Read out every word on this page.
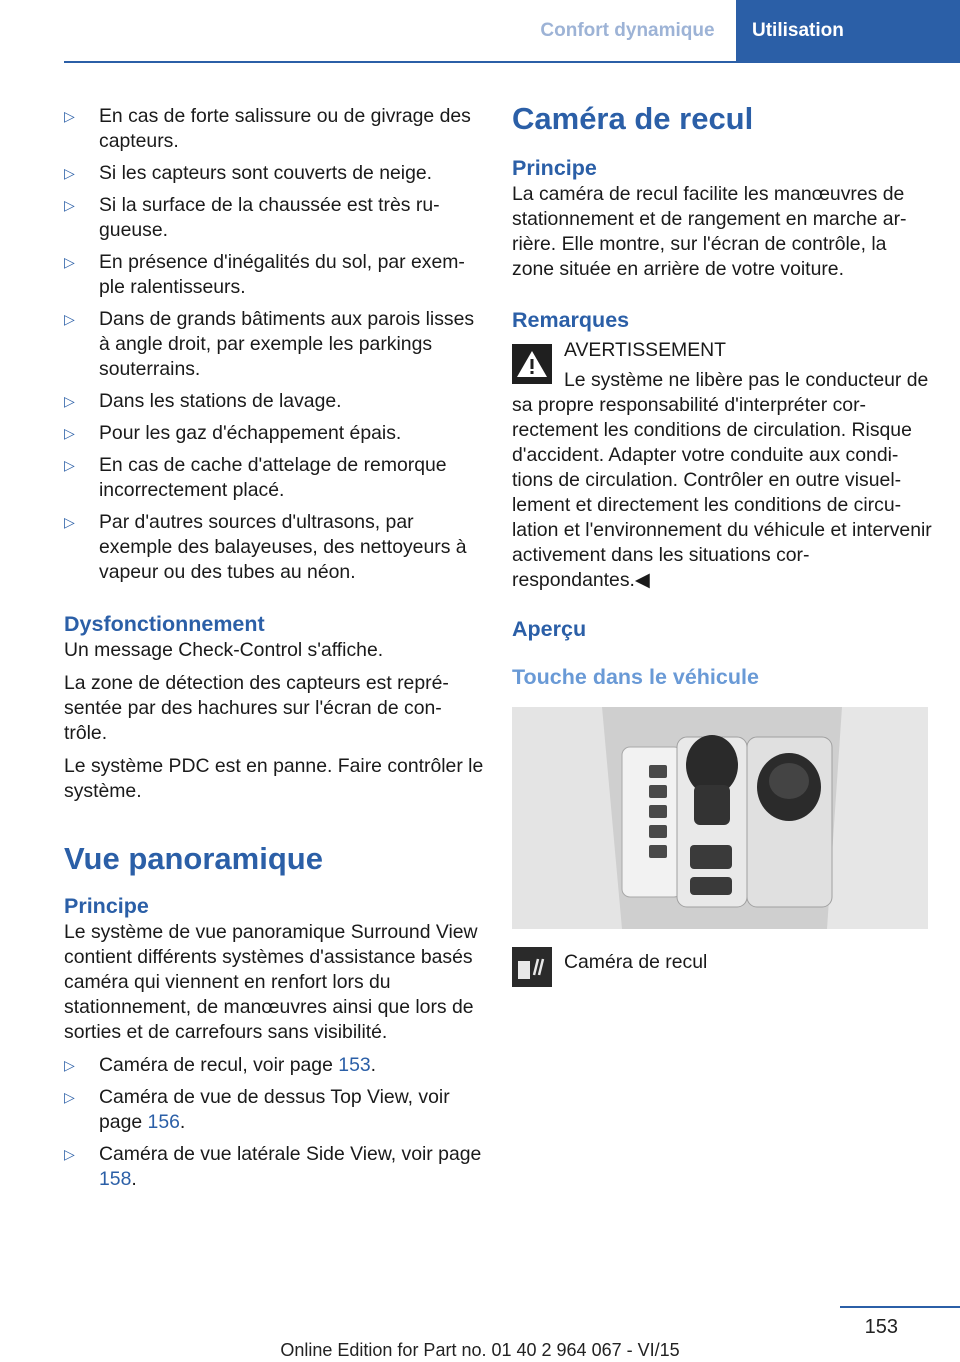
Confort dynamique	Utilisation
▷ En cas de forte salissure ou de givrage des capteurs.
▷ Si les capteurs sont couverts de neige.
▷ Si la surface de la chaussée est très ru-gueuse.
▷ En présence d'inégalités du sol, par exem-ple ralentisseurs.
▷ Dans de grands bâtiments aux parois lisses à angle droit, par exemple les parkings souterrains.
▷ Dans les stations de lavage.
▷ Pour les gaz d'échappement épais.
▷ En cas de cache d'attelage de remorque incorrectement placé.
▷ Par d'autres sources d'ultrasons, par exemple des balayeuses, des nettoyeurs à vapeur ou des tubes au néon.
Dysfonctionnement

Un message Check-Control s'affiche.

La zone de détection des capteurs est repré-sentée par des hachures sur l'écran de con-trôle.

Le système PDC est en panne. Faire contrôler le système.

Vue panoramique
Principe

Le système de vue panoramique Surround View contient différents systèmes d'assistance basés caméra qui viennent en renfort lors du stationnement, de manœuvres ainsi que lors de sorties et de carrefours sans visibilité.

▷ Caméra de recul, voir page 153.
▷ Caméra de vue de dessus Top View, voir page 156.
▷ Caméra de vue latérale Side View, voir page 158.
Caméra de recul
Principe

La caméra de recul facilite les manœuvres de stationnement et de rangement en marche ar-rière. Elle montre, sur l'écran de contrôle, la zone située en arrière de votre voiture.

Remarques

AVERTISSEMENT

Le système ne libère pas le conducteur de sa propre responsabilité d'interpréter cor-rectement les conditions de circulation. Risque d'accident. Adapter votre conduite aux condi-tions de circulation. Contrôler en outre visuel-lement et directement les conditions de circu-lation et l'environnement du véhicule et intervenir activement dans les situations cor-respondantes.◀

Aperçu
Touche dans le véhicule
Caméra de recul
153
Online Edition for Part no. 01 40 2 964 067 - VI/15
